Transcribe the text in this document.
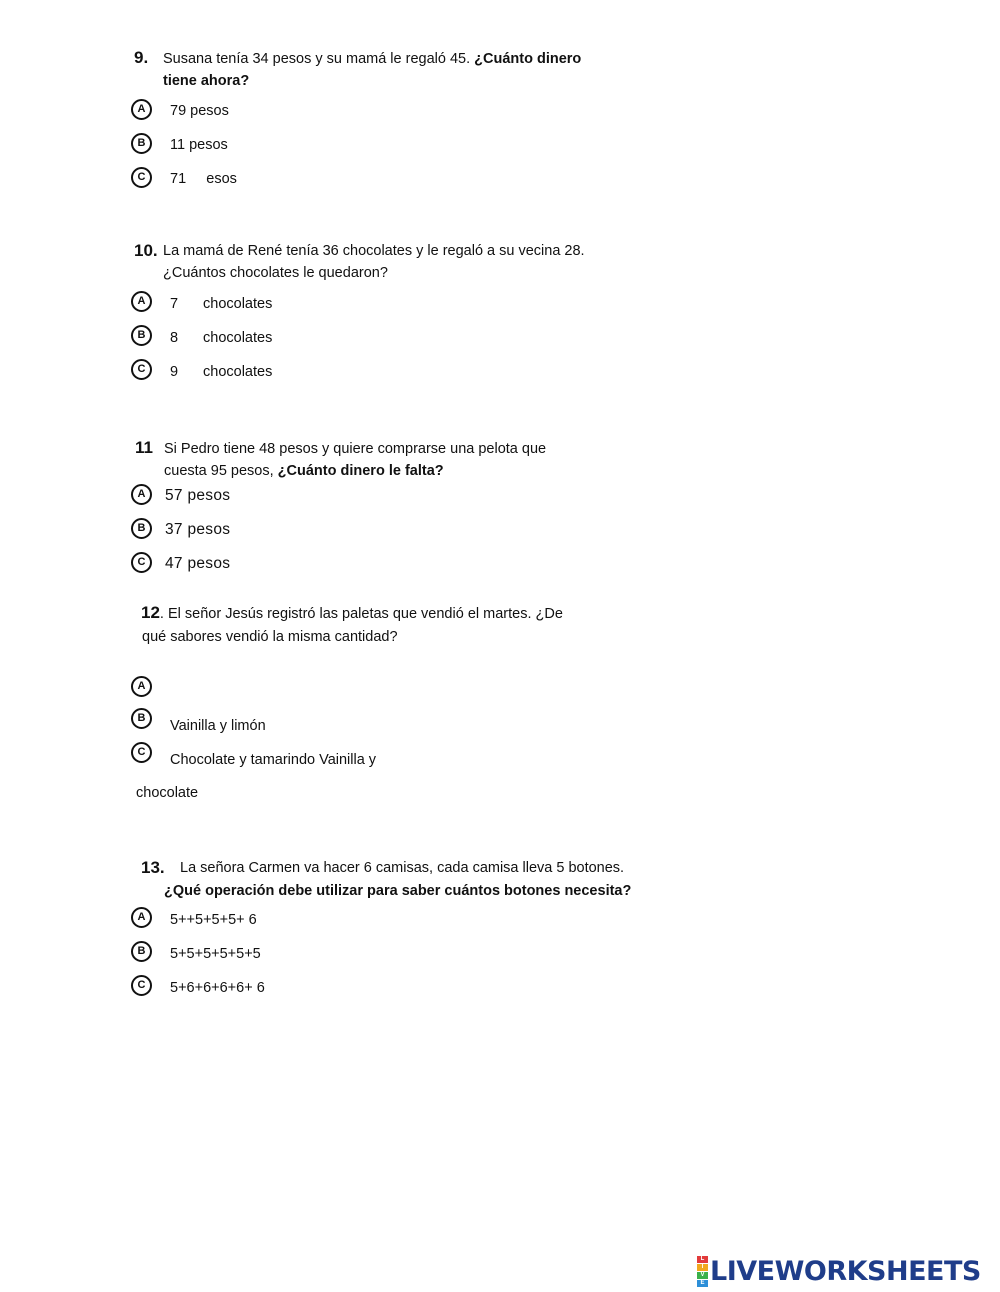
9. Susana tenía 34 pesos y su mamá le regaló 45. ¿Cuánto dinero
tiene ahora?
A	79 pesos
B	11 pesos
C	71     esos
10. La mamá de René tenía 36 chocolates y le regaló a su vecina 28.
¿Cuántos chocolates le quedaron?
A	7 chocolates
B	8 chocolates
C	9 chocolates
11 Si Pedro tiene 48 pesos y quiere comprarse una pelota que
cuesta 95 pesos, ¿Cuánto dinero le falta?
A	57 pesos
B	37 pesos
C	47 pesos
12. El señor Jesús registró las paletas que vendió el martes. ¿De
qué sabores vendió la misma cantidad?
A
B	Vainilla y limón
C	Chocolate y tamarindo Vainilla y
chocolate
13. La señora Carmen va hacer 6 camisas, cada camisa lleva 5 botones.
¿Qué operación debe utilizar para saber cuántos botones necesita?
A	5++5+5+5+ 6
B	5+5+5+5+5+5
C	5+6+6+6+6+ 6
L
I
V
E LIVEWORKSHEETS
